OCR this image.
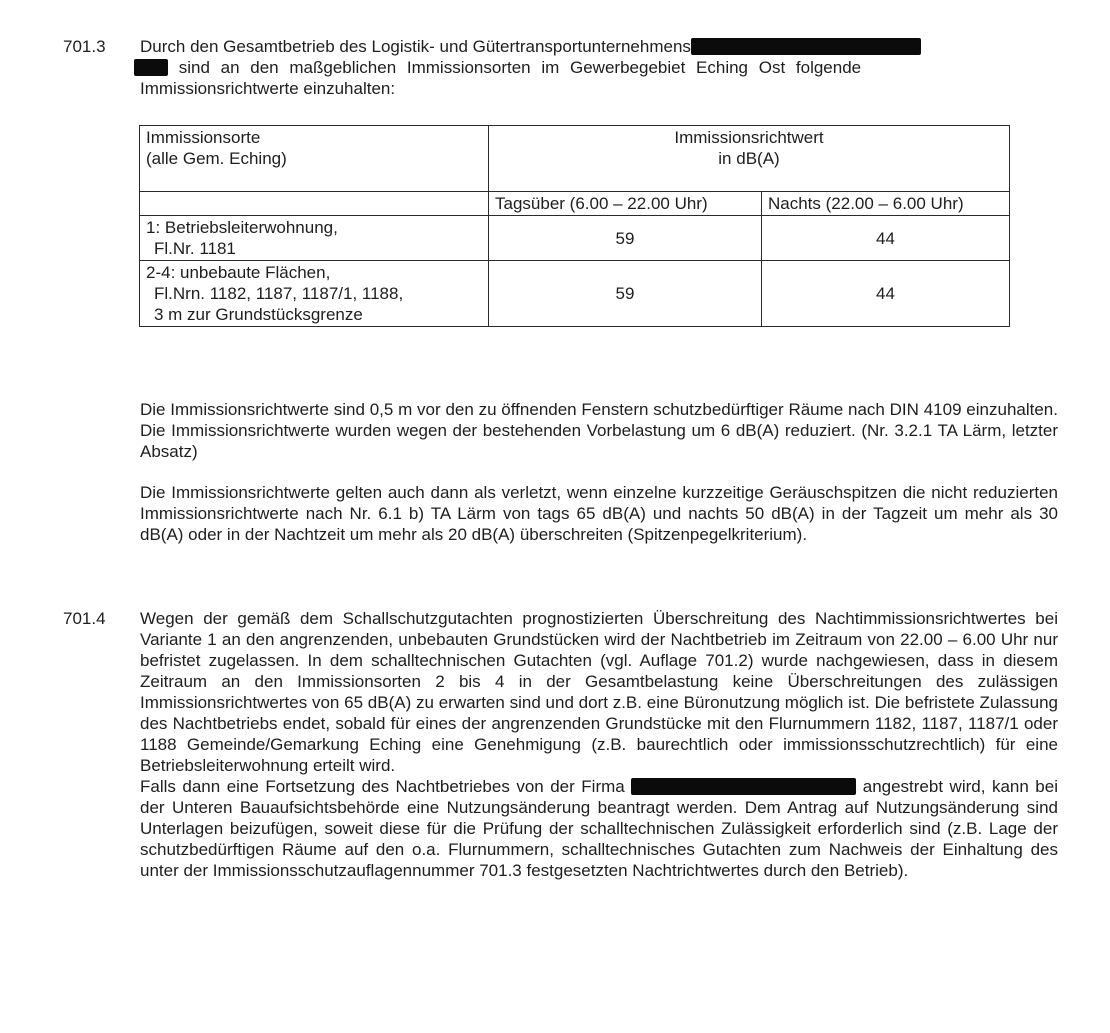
701.3	Durch den Gesamtbetrieb des Logistik- und Gütertransportunternehmens
sind an den maßgeblichen Immissionsorten im Gewerbegebiet Eching Ost folgende
Immissionsrichtwerte einzuhalten:
Immissionsorte
(alle Gem. Eching)	Immissionsrichtwert
in dB(A)	

	Tagsüber (6.00 – 22.00 Uhr)	Nachts (22.00 – 6.00 Uhr)

1: Betriebsleiterwohnung,
Fl.Nr. 1181	59	44

2-4: unbebaute Flächen,
Fl.Nrn. 1182, 1187, 1187/1, 1188,
3 m zur Grundstücksgrenze	59	44
Die Immissionsrichtwerte sind 0,5 m vor den zu öffnenden Fenstern schutzbedürftiger Räume nach DIN 4109 einzuhalten. Die Immissionsrichtwerte wurden wegen der bestehenden Vorbelastung um 6 dB(A) reduziert. (Nr. 3.2.1 TA Lärm, letzter Absatz)
Die Immissionsrichtwerte gelten auch dann als verletzt, wenn einzelne kurzzeitige Geräuschspitzen die nicht reduzierten Immissionsrichtwerte nach Nr. 6.1 b) TA Lärm von tags 65 dB(A) und nachts 50 dB(A) in der Tagzeit um mehr als 30 dB(A) oder in der Nachtzeit um mehr als 20 dB(A) überschreiten (Spitzenpegelkriterium).
701.4	Wegen der gemäß dem Schallschutzgutachten prognostizierten Überschreitung des Nachtimmissionsrichtwertes bei Variante 1 an den angrenzenden, unbebauten Grundstücken wird der Nachtbetrieb im Zeitraum von 22.00 – 6.00 Uhr nur befristet zugelassen. In dem schalltechnischen Gutachten (vgl. Auflage 701.2) wurde nachgewiesen, dass in diesem Zeitraum an den Immissionsorten 2 bis 4 in der Gesamtbelastung keine Überschreitungen des zulässigen Immissionsrichtwertes von 65 dB(A) zu erwarten sind und dort z.B. eine Büronutzung möglich ist. Die befristete Zulassung des Nachtbetriebs endet, sobald für eines der angrenzenden Grundstücke mit den Flurnummern 1182, 1187, 1187/1 oder 1188 Gemeinde/Gemarkung Eching eine Genehmigung (z.B. baurechtlich oder immissionsschutzrechtlich) für eine Betriebsleiterwohnung erteilt wird.
Falls dann eine Fortsetzung des Nachtbetriebes von der Firma	angestrebt wird, kann bei der Unteren Bauaufsichtsbehörde eine Nutzungsänderung beantragt werden. Dem Antrag auf Nutzungsänderung sind Unterlagen beizufügen, soweit diese für die Prüfung der schalltechnischen Zulässigkeit erforderlich sind (z.B. Lage der schutzbedürftigen Räume auf den o.a. Flurnummern, schalltechnisches Gutachten zum Nachweis der Einhaltung des unter der Immissionsschutzauflagennummer 701.3 festgesetzten Nachtrichtwertes durch den Betrieb).
